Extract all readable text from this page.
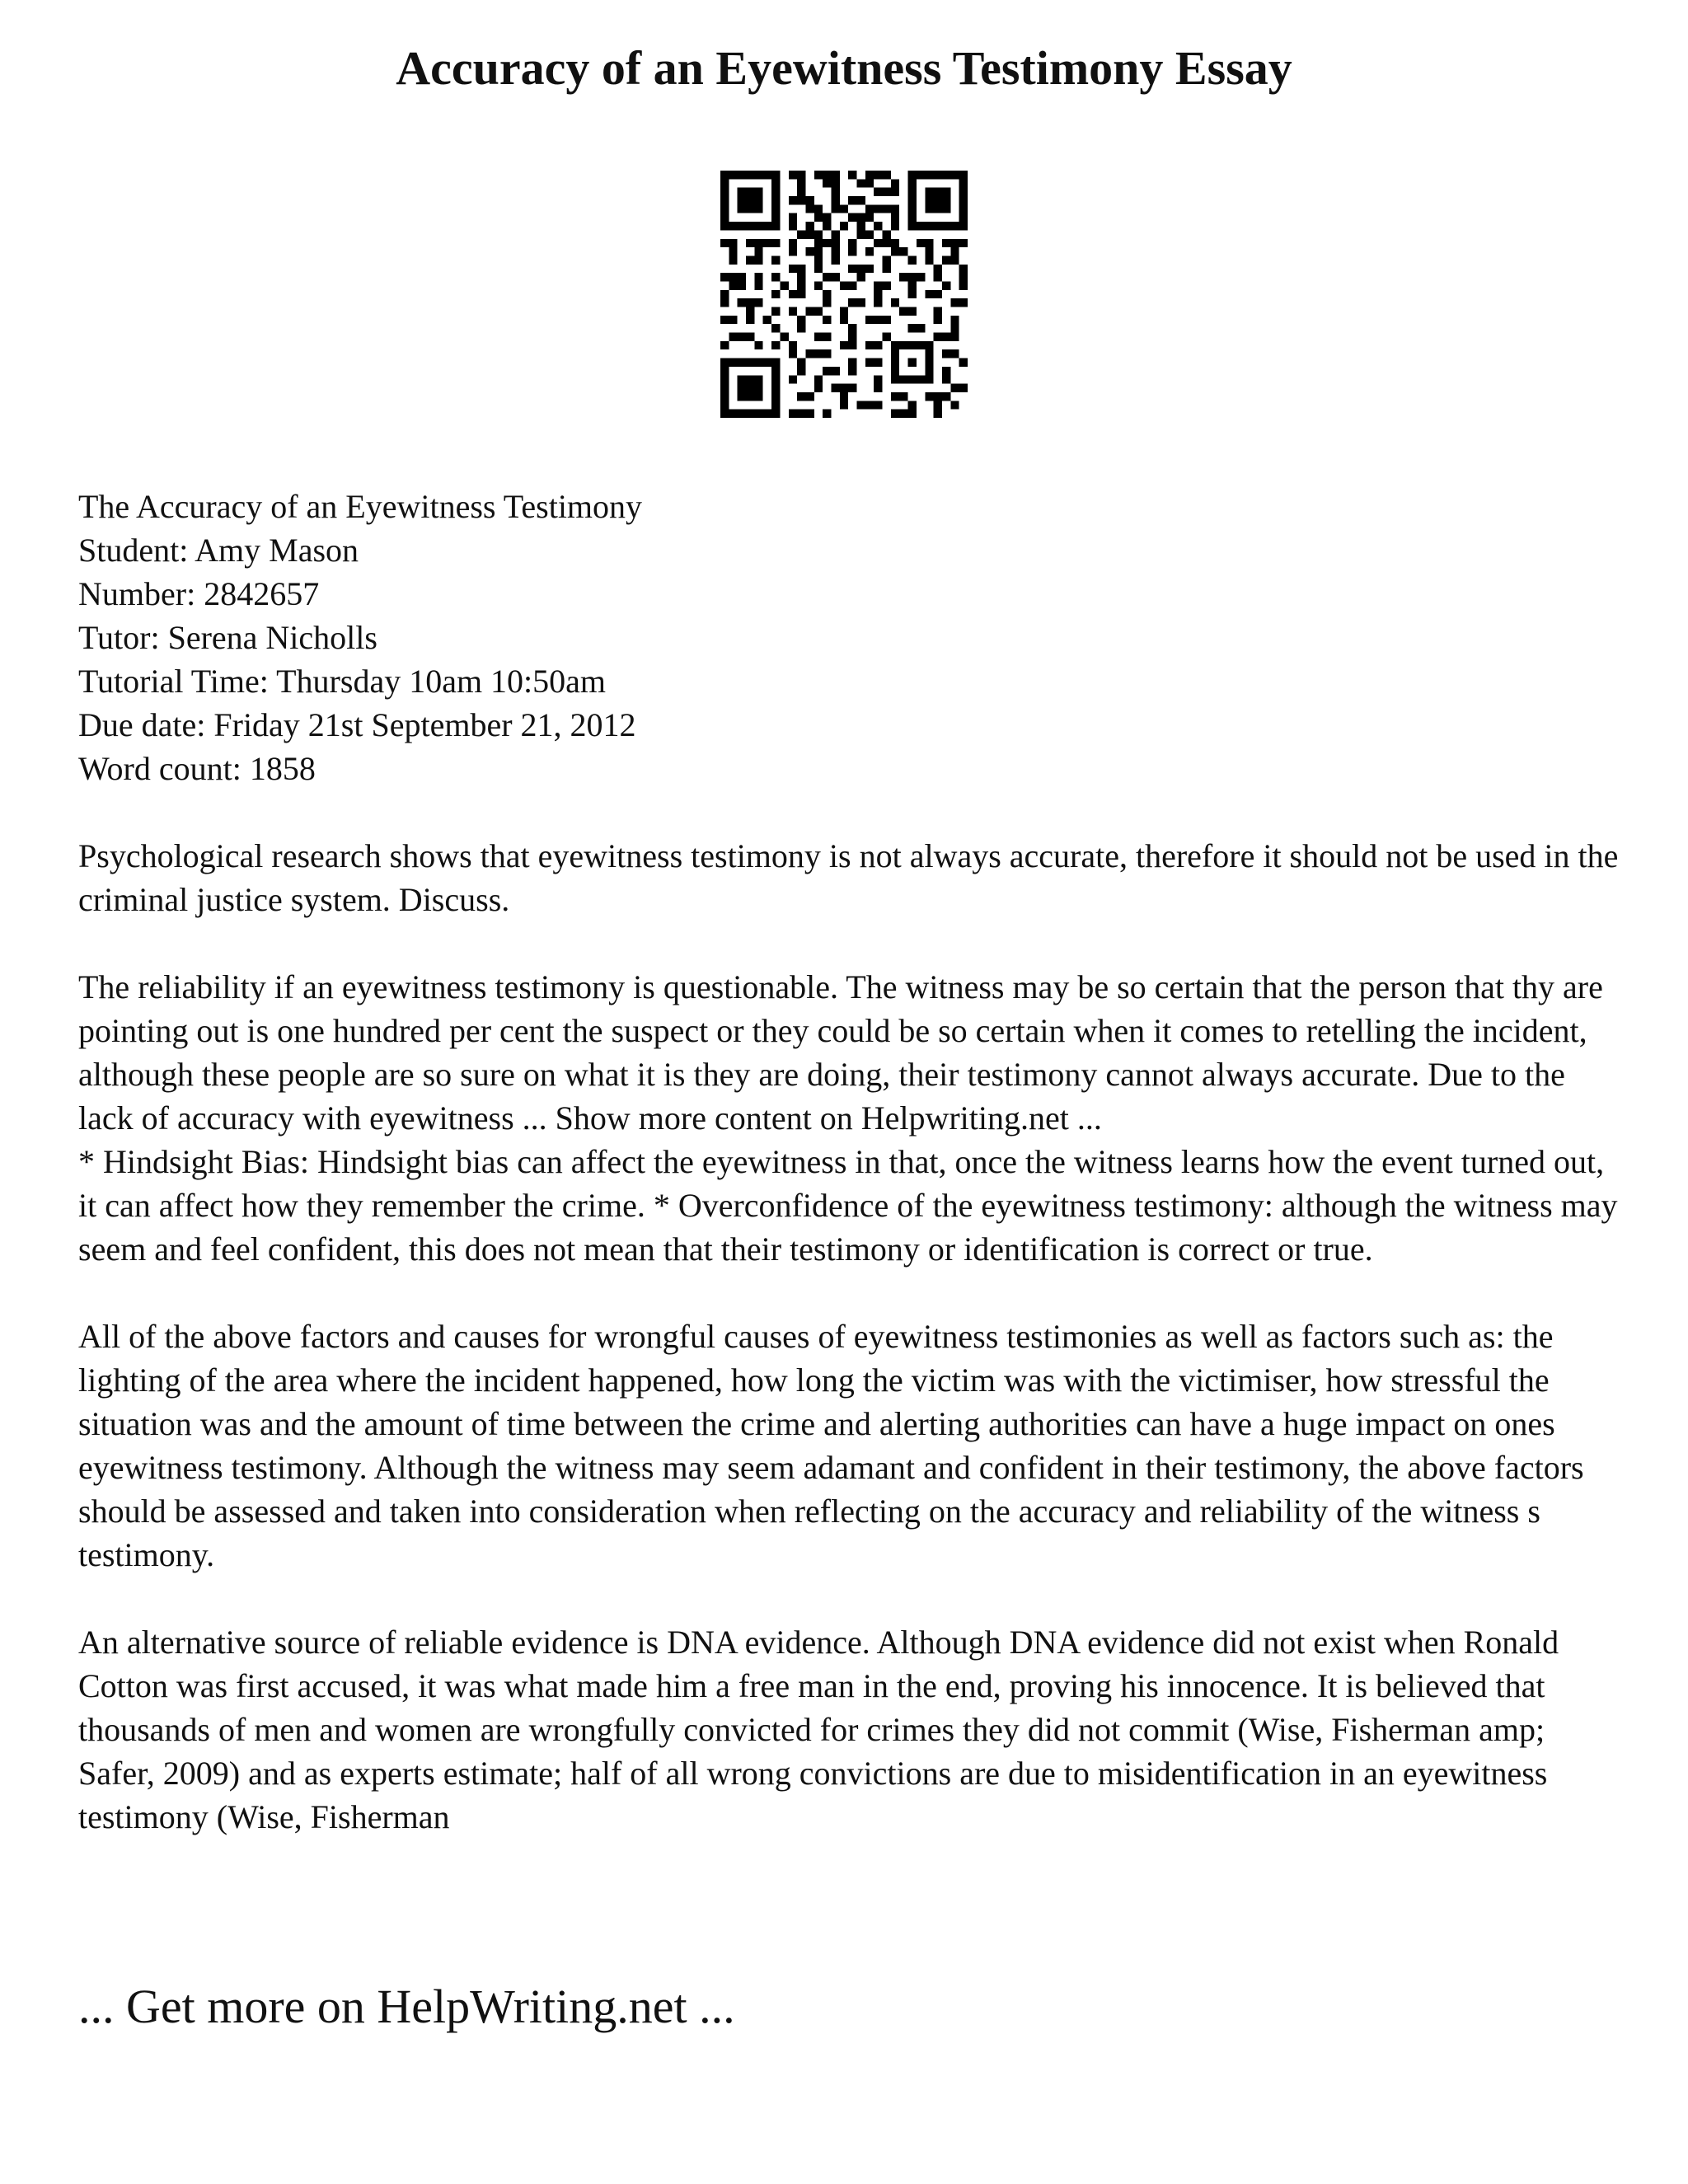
Accuracy of an Eyewitness Testimony Essay
The Accuracy of an Eyewitness Testimony
Student: Amy Mason
Number: 2842657
Tutor: Serena Nicholls
Tutorial Time: Thursday 10am 10:50am
Due date: Friday 21st September 21, 2012
Word count: 1858

Psychological research shows that eyewitness testimony is not always accurate, therefore it should not be used in the criminal justice system. Discuss.

The reliability if an eyewitness testimony is questionable. The witness may be so certain that the person that thy are pointing out is one hundred per cent the suspect or they could be so certain when it comes to retelling the incident, although these people are so sure on what it is they are doing, their testimony cannot always accurate. Due to the lack of accuracy with eyewitness ... Show more content on Helpwriting.net ...

* Hindsight Bias: Hindsight bias can affect the eyewitness in that, once the witness learns how the event turned out, it can affect how they remember the crime. * Overconfidence of the eyewitness testimony: although the witness may seem and feel confident, this does not mean that their testimony or identification is correct or true.

All of the above factors and causes for wrongful causes of eyewitness testimonies as well as factors such as: the lighting of the area where the incident happened, how long the victim was with the victimiser, how stressful the situation was and the amount of time between the crime and alerting authorities can have a huge impact on ones eyewitness testimony. Although the witness may seem adamant and confident in their testimony, the above factors should be assessed and taken into consideration when reflecting on the accuracy and reliability of the witness s testimony.

An alternative source of reliable evidence is DNA evidence. Although DNA evidence did not exist when Ronald Cotton was first accused, it was what made him a free man in the end, proving his innocence. It is believed that thousands of men and women are wrongfully convicted for crimes they did not commit (Wise, Fisherman amp; Safer, 2009) and as experts estimate; half of all wrong convictions are due to misidentification in an eyewitness testimony (Wise, Fisherman

... Get more on HelpWriting.net ...
